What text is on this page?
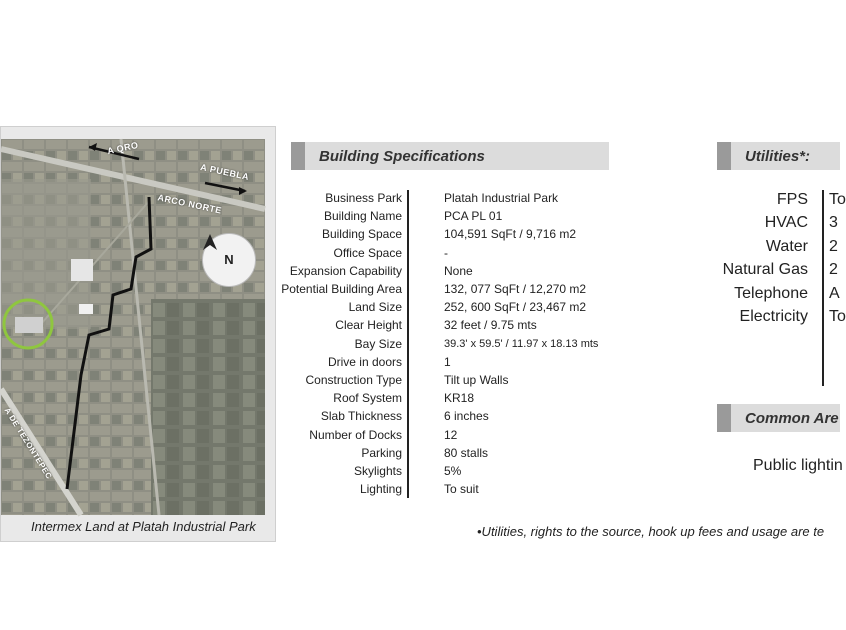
A QRO
A PUEBLA
ARCO NORTE
A DE TEZONTEPEC
N
Intermex Land at Platah Industrial Park
Building Specifications
Business Park	Platah Industrial Park
Building Name	PCA PL 01
Building Space	104,591 SqFt / 9,716 m2
Office Space	-
Expansion Capability	None
Potential Building Area	132, 077 SqFt / 12,270 m2
Land Size	252, 600 SqFt / 23,467 m2
Clear Height	32 feet / 9.75 mts
Bay Size	39.3' x 59.5' / 11.97 x 18.13 mts
Drive in doors	1
Construction Type	Tilt up Walls
Roof System	KR18
Slab Thickness	6 inches
Number of Docks	12
Parking	80 stalls
Skylights	5%
Lighting	To suit
Utilities*:
FPS To
HVAC 3
Water 2
Natural Gas 2
Telephone A
Electricity To
Common Are
Public lightin
•Utilities, rights to the source, hook up fees and usage are te
